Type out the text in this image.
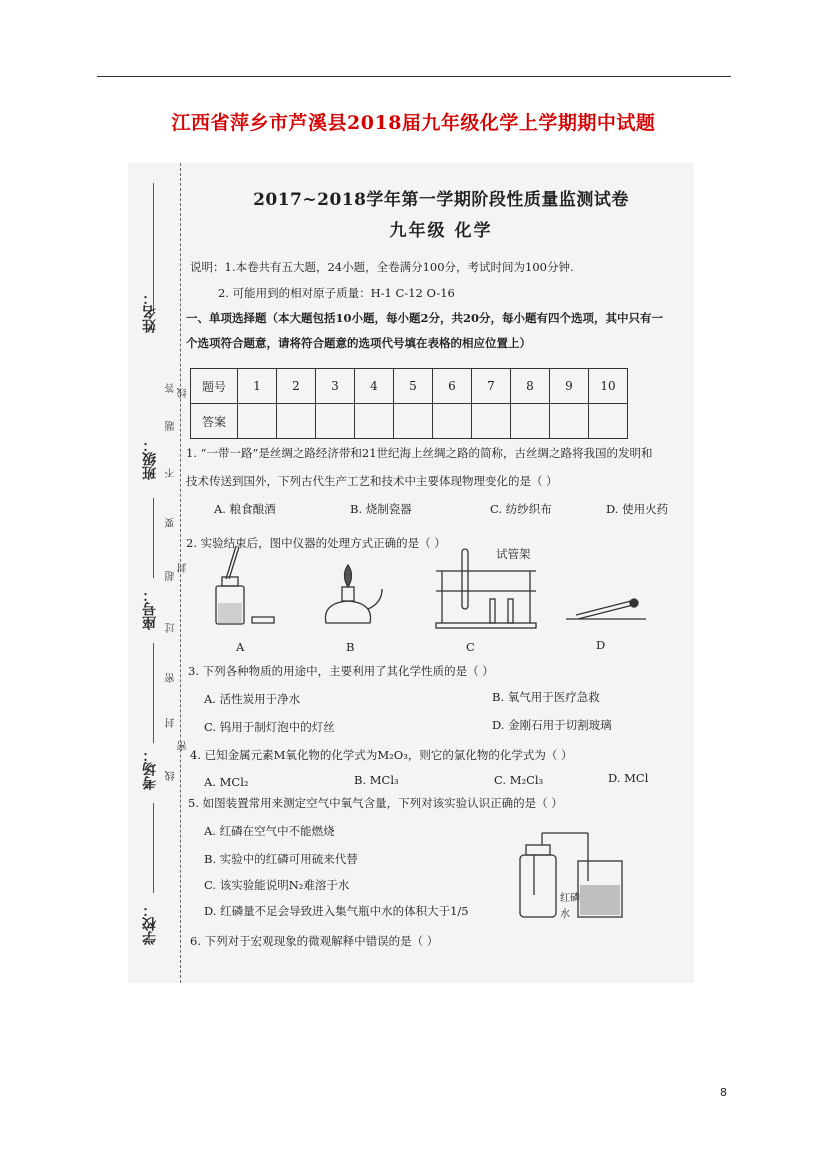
江西省萍乡市芦溪县2018届九年级化学上学期期中试题
姓名：
班级：
座号：
考场：
学校：
答
题
不
要
超
过
密
封
线
线
封
密
2017~2018学年第一学期阶段性质量监测试卷
九年级 化学
说明：1.本卷共有五大题，24小题，全卷满分100分，考试时间为100分钟.
2. 可能用到的相对原子质量：H-1 C-12 O-16
一、单项选择题（本大题包括10小题，每小题2分，共20分，每小题有四个选项，其中只有一
个选项符合题意，请将符合题意的选项代号填在表格的相应位置上）
题号	1	2	3	4	5	6	7	8	9	10
答案										
1. “一带一路”是丝绸之路经济带和21世纪海上丝绸之路的简称，古丝绸之路将我国的发明和
技术传送到国外，下列古代生产工艺和技术中主要体现物理变化的是（ ）
A. 粮食酿酒	B. 烧制瓷器	C. 纺纱织布	D. 使用火药
2. 实验结束后，图中仪器的处理方式正确的是（ ）
试管架
A	B	C	D
3. 下列各种物质的用途中，主要利用了其化学性质的是（ ）
A. 活性炭用于净水	B. 氧气用于医疗急救
C. 钨用于制灯泡中的灯丝	D. 金刚石用于切割玻璃
4. 已知金属元素M氧化物的化学式为M₂O₃，则它的氯化物的化学式为（ ）
A. MCl₂	B. MCl₃	C. M₂Cl₃	D. MCl
5. 如图装置常用来测定空气中氧气含量，下列对该实验认识正确的是（ ）
A. 红磷在空气中不能燃烧
B. 实验中的红磷可用硫来代替
C. 该实验能说明N₂难溶于水
D. 红磷量不足会导致进入集气瓶中水的体积大于1/5
红磷
水
6. 下列对于宏观现象的微观解释中错误的是（ ）
8
